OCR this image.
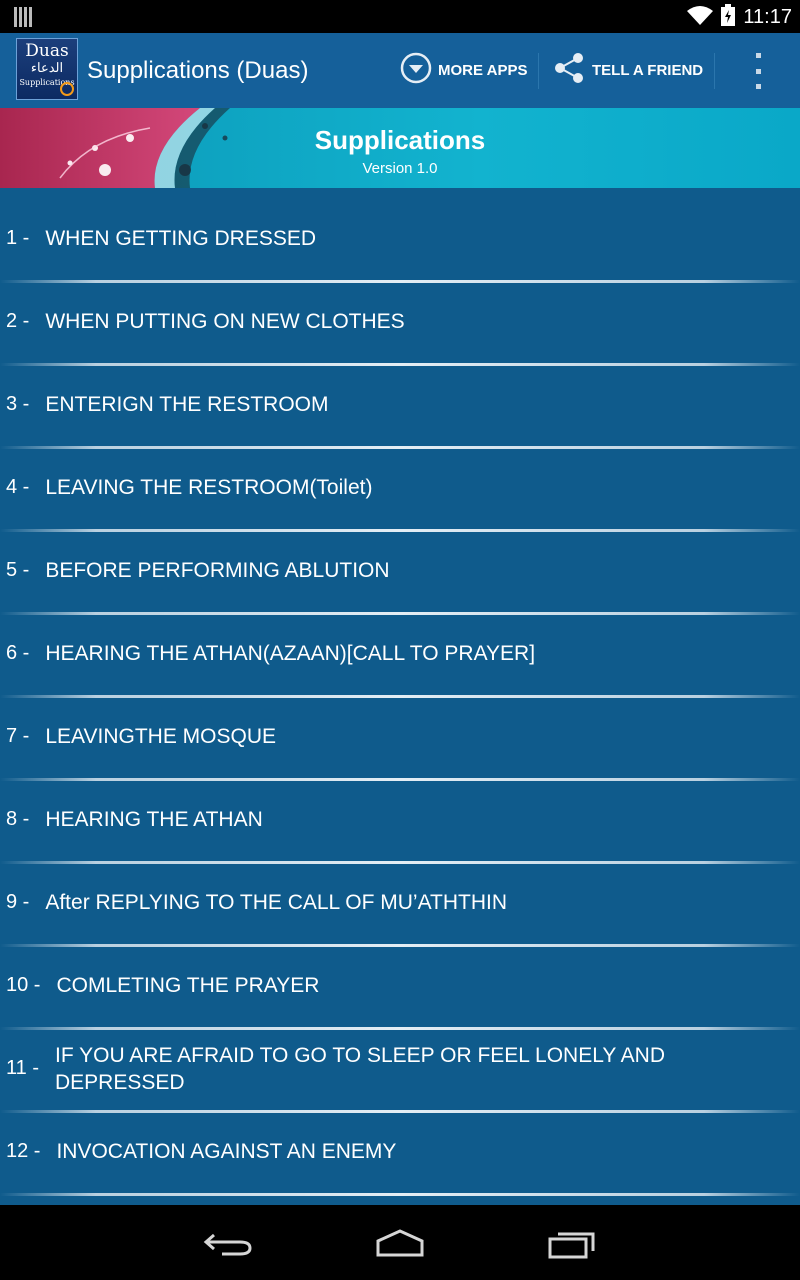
11:17
Duas
الدعاء
Supplications Supplications (Duas)	MORE APPS	TELL A FRIEND
Supplications
Version 1.0
1 - WHEN GETTING DRESSED
2 - WHEN PUTTING ON NEW CLOTHES
3 - ENTERIGN THE RESTROOM
4 - LEAVING THE RESTROOM(Toilet)
5 - BEFORE PERFORMING ABLUTION
6 - HEARING THE ATHAN(AZAAN)[CALL TO PRAYER]
7 - LEAVINGTHE MOSQUE
8 - HEARING THE ATHAN
9 - After REPLYING TO THE CALL OF MU’ATHTHIN
10 - COMLETING THE PRAYER
11 -
IF YOU ARE AFRAID TO GO TO SLEEP OR FEEL LONELY AND DEPRESSED
12 - INVOCATION AGAINST AN ENEMY
